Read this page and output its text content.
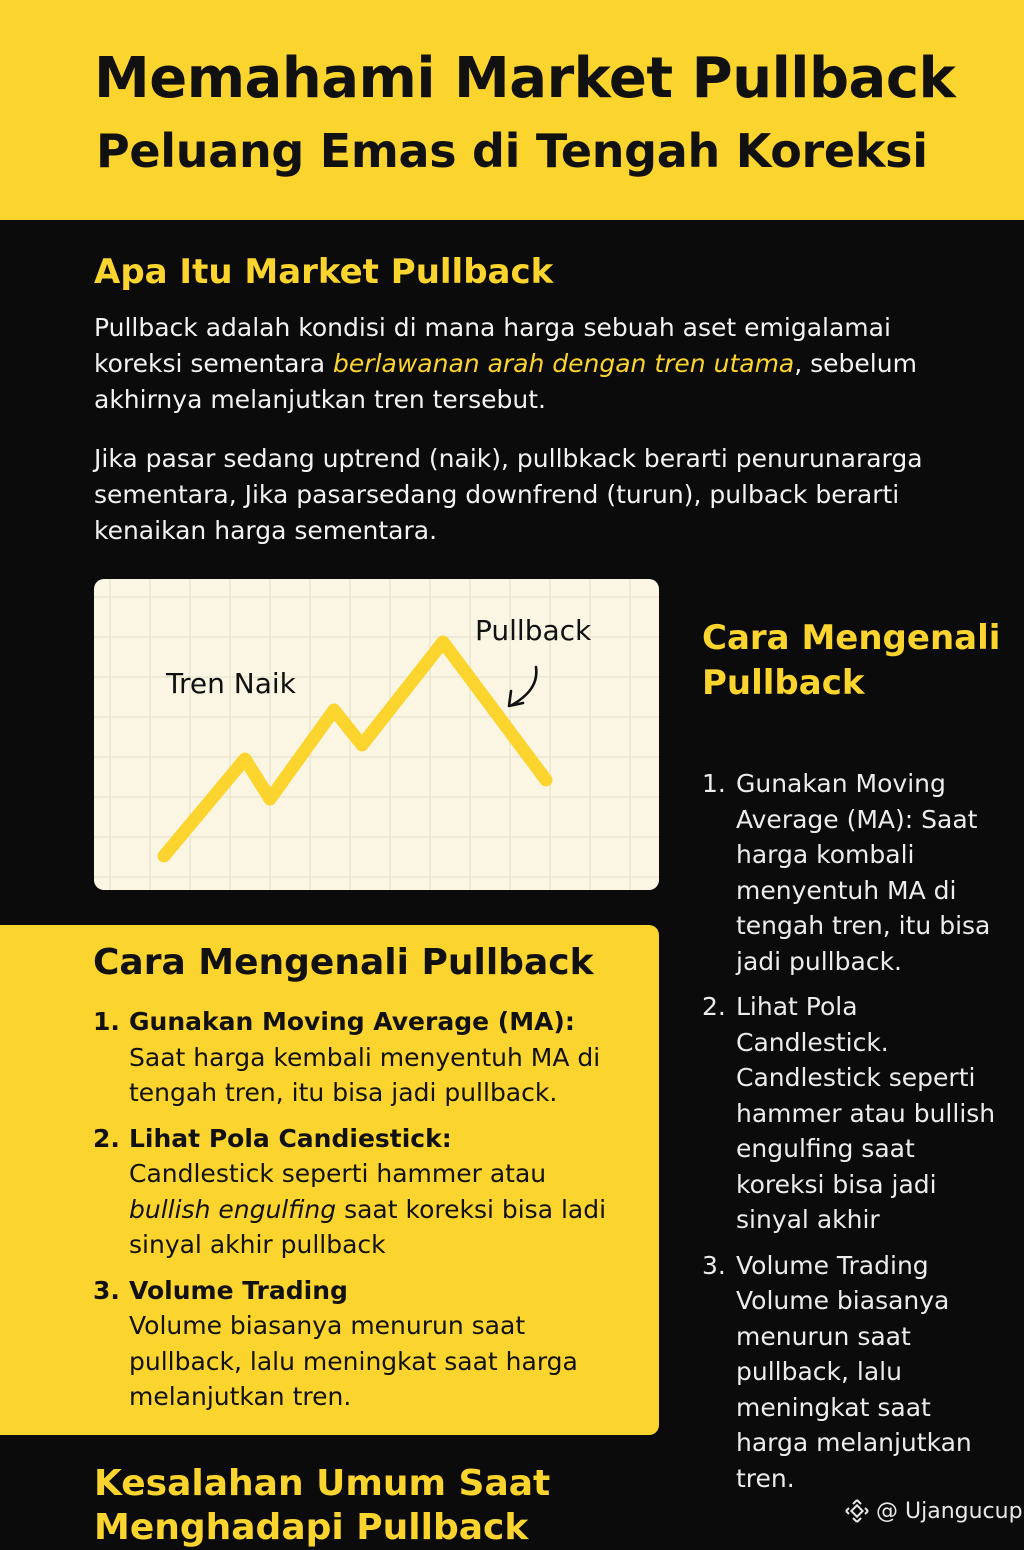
Memahami Market Pullback
Peluang Emas di Tengah Koreksi
Apa Itu Market Pullback

Pullback adalah kondisi di mana harga sebuah aset emigalamai koreksi sementara berlawanan arah dengan tren utama, sebelum akhirnya melanjutkan tren tersebut.

Jika pasar sedang uptrend (naik), pullbkack berarti penurunararga sementara, Jika pasarsedang downfrend (turun), pulback berarti kenaikan harga sementara.

Tren Naik
Pullback	Cara Mengenali Pullback
1. Gunakan Moving Average (MA): Saat harga kombali menyentuh MA di tengah tren, itu bisa jadi pullback.
2. Lihat Pola Candlestick. Candlestick seperti hammer atau bullish engulfing saat koreksi bisa jadi sinyal akhir
3. Volume Trading Volume biasanya menurun saat pullback, lalu meningkat saat harga melanjutkan tren.
Cara Mengenali Pullback
1. Gunakan Moving Average (MA):
Saat harga kembali menyentuh MA di tengah tren, itu bisa jadi pullback.
2. Lihat Pola Candiestick:
Candlestick seperti hammer atau bullish engulfing saat koreksi bisa ladi sinyal akhir pullback
3. Volume Trading
Volume biasanya menurun saat pullback, lalu meningkat saat harga melanjutkan tren.
Kesalahan Umum Saat Menghadapi Pullback	@ Ujangucup
